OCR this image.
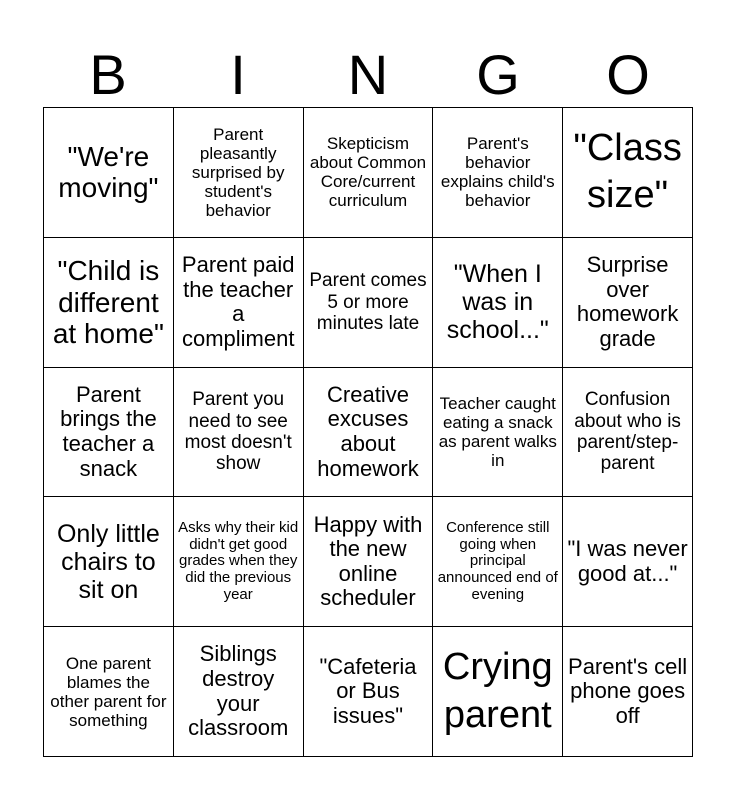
B	I	N	G	O
"We're moving"
Parent pleasantly surprised by student's behavior
Skepticism about Common Core/current curriculum
Parent's behavior explains child's behavior
"Class size"
"Child is different at home"
Parent paid the teacher a compliment
Parent comes 5 or more minutes late
"When I was in school..."
Surprise over homework grade
Parent brings the teacher a snack
Parent you need to see most doesn't show
Creative excuses about homework
Teacher caught eating a snack as parent walks in
Confusion about who is parent/step-parent
Only little chairs to sit on
Asks why their kid didn't get good grades when they did the previous year
Happy with the new online scheduler
Conference still going when principal announced end of evening
"I was never good at..."
One parent blames the other parent for something
Siblings destroy your classroom
"Cafeteria or Bus issues"
Crying parent
Parent's cell phone goes off
